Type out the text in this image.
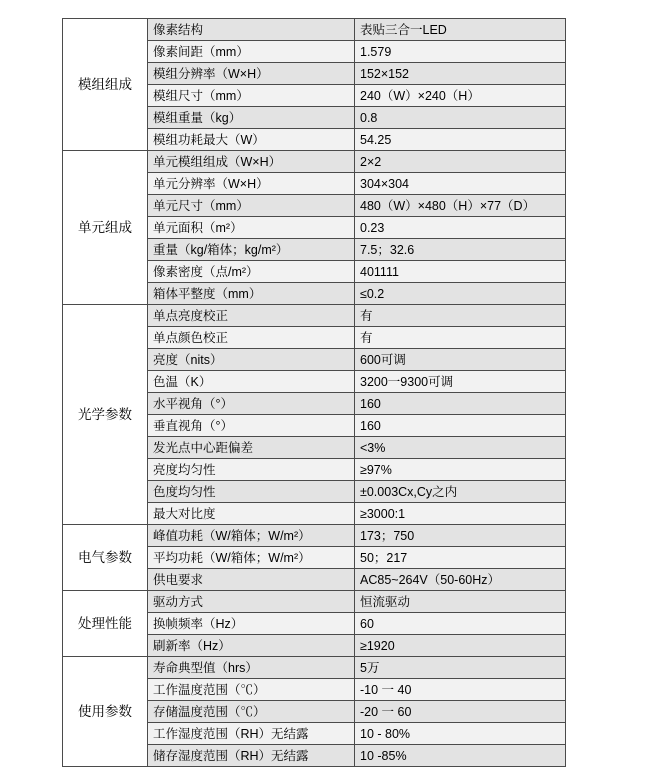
模组组成	像素结构	表贴三合一LED
	像素间距（mm）	1.579
	模组分辨率（W×H）	152×152
	模组尺寸（mm）	240（W）×240（H）
	模组重量（kg）	0.8
	模组功耗最大（W）	54.25
单元组成	单元模组组成（W×H）	2×2
	单元分辨率（W×H）	304×304
	单元尺寸（mm）	480（W）×480（H）×77（D）
	单元面积（m²）	0.23
	重量（kg/箱体；kg/m²）	7.5；32.6
	像素密度（点/m²）	401111
	箱体平整度（mm）	≤0.2
光学参数	单点亮度校正	有
	单点颜色校正	有
	亮度（nits）	600可调
	色温（K）	3200一9300可调
	水平视角（°）	160
	垂直视角（°）	160
	发光点中心距偏差	<3%
	亮度均匀性	≥97%
	色度均匀性	±0.003Cx,Cy之内
	最大对比度	≥3000:1
电气参数	峰值功耗（W/箱体；W/m²）	173；750
	平均功耗（W/箱体；W/m²）	50；217
	供电要求	AC85~264V（50-60Hz）
处理性能	驱动方式	恒流驱动
	换帧频率（Hz）	60
	刷新率（Hz）	≥1920
使用参数	寿命典型值（hrs）	5万
	工作温度范围（℃）	-10 一 40
	存储温度范围（℃）	-20 一 60
	工作湿度范围（RH）无结露	10 - 80%
	储存湿度范围（RH）无结露	10 -85%
